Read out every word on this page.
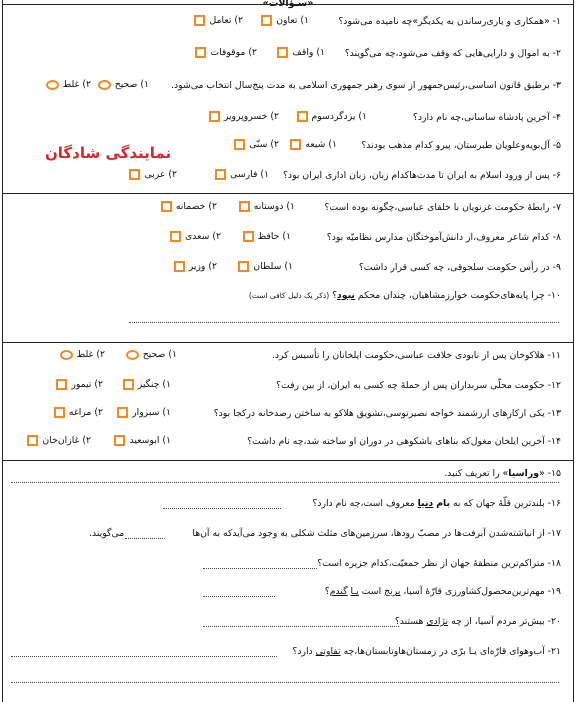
«سـؤالات»
نمایندگی شادگان
۱- «همکاری و یاری‌رساندن به یکدیگر»چه نامیده می‌شود؟
۱) تعاون
۲) تعامل
۲- به اموال و دارایی‌هایی که وقف می‌شود،چه می‌گویند؟
۱) واقف
۲) موقوفات
۳- برطبق قانون اساسی،رئیس‌جمهور از سوی رهبر جمهوری اسلامی به مدت پنج‌سال انتخاب می‌شود.
۱) صحیح
۲) غلط
۴- آخرین پادشاه ساسانی،چه نام دارد؟
۱) یزدگردسوم
۲) خسروپرویز
۵- آل‌بویه‌وعلویان طبرستان، پیرو کدام مذهب بودند؟
۱) شیعه
۲) سنّی
۶- پس از ورود اسلام به ایران تا مدت‌هاکدام زبان، زبان اداری ایران بود؟
۱) فارسی
۲) عربی
۷- رابطهٔ حکومت غزنویان با خلفای عباسی،چگونه بوده است؟
۱) دوستانه
۲) خصمانه
۸- کدام شاعر معروف،از دانش‌آموختگان مدارس نظامیّه بود؟
۱) حافظ
۲) سعدی
۹- در رأس حکومت سلجوقی، چه کسی قرار داشت؟
۱) سلطان
۲) وزیر
۱۰- چرا پایه‌های‌حکومت خوارزمشاهیان، چندان محکم نبود؟ (ذکر یک دلیل کافی است)
۱۱- هلاکوخان پس از نابودی خلافت عباسی،حکومت ایلخانان را تأسیس کرد.
۱) صحیح
۲) غلط
۱۲- حکومت محلّی سربداران پس از حملهٔ چه کسی به ایران، از بین رفت؟
۱) چنگیز
۲) تیمور
۱۳- یکی ازکارهای ارزشمند خواجه نصیرتوسی،تشویق هلاکو به ساختن رصدخانه درکجا بود؟
۱) سبزوار
۲) مراغه
۱۴- آخرین ایلخان مغول‌که بناهای باشکوهی در دوران او ساخته شد،چه نام داشت؟
۱) ابوسعید
۲) غازان‌خان
۱۵- «وراسیا» را تعریف کنید.
۱۶- بلندترین قلّهٔ جهان که به بام دنیا معروف است،چه نام دارد؟
۱۷- از انباشته‌شدن آبرفت‌ها در مصبّ رودها، سرزمین‌های مثلث شکلی به وجود می‌آیدکه به آن‌ها
می‌گویند.
۱۸- متراکم‌ترین منطقهٔ جهان از نظر جمعیّت،کدام جزیره است؟
۱۹- مهم‌ترین‌محصول‌کشاورزی قارّهٔ آسیا، برنج است یـا گندم؟
۲۰- بیش‌تر مردم آسیا، از چه نژادی هستند؟
۲۱- آب‌وهوای قارّه‌ای یـا برّی در زمستان‌هاوتابستان‌ها،چه تفاوتی دارد؟
